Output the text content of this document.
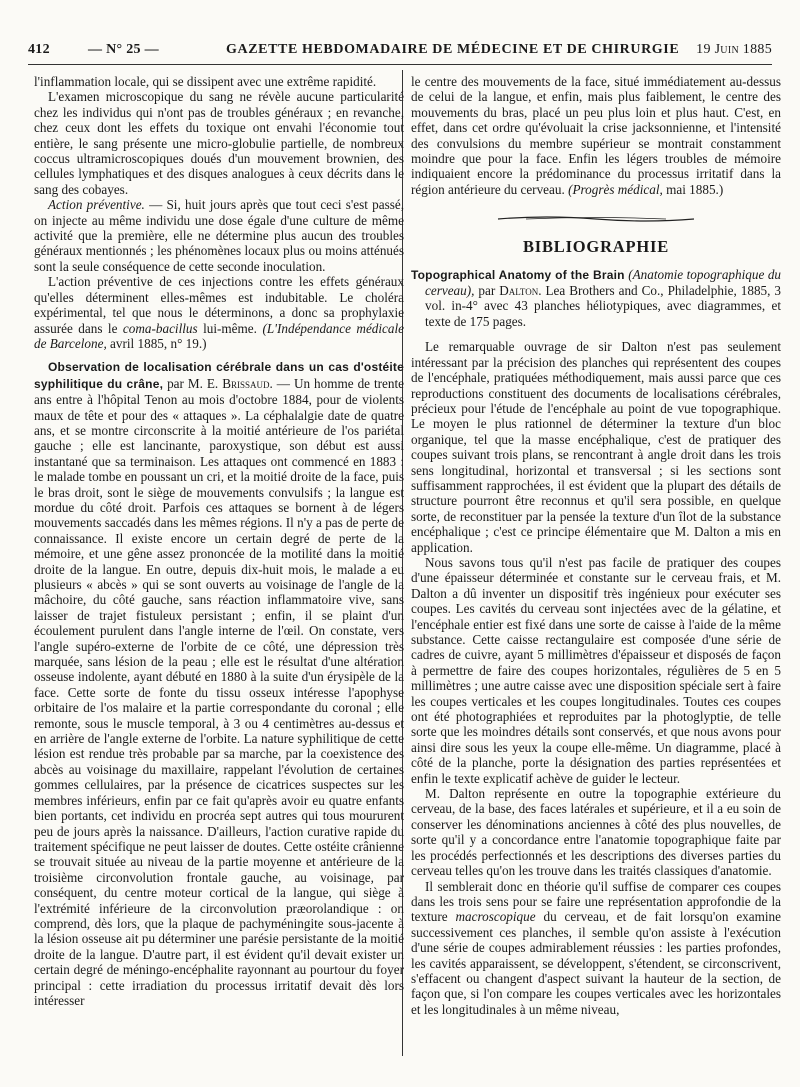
412	— N° 25 —	GAZETTE HEBDOMADAIRE DE MÉDECINE ET DE CHIRURGIE 19 Juin 1885

l'inflammation locale, qui se dissipent avec une extrême rapidité.

L'examen microscopique du sang ne révèle aucune particularité chez les individus qui n'ont pas de troubles généraux ; en revanche, chez ceux dont les effets du toxique ont envahi l'économie tout entière, le sang présente une micro-globulie partielle, de nombreux coccus ultramicroscopiques doués d'un mouvement brownien, des cellules lymphatiques et des disques analogues à ceux décrits dans le sang des cobayes.

Action préventive. — Si, huit jours après que tout ceci s'est passé, on injecte au même individu une dose égale d'une culture de même activité que la première, elle ne détermine plus aucun des troubles généraux mentionnés ; les phénomènes locaux plus ou moins atténués sont la seule conséquence de cette seconde inoculation.

L'action préventive de ces injections contre les effets généraux qu'elles déterminent elles-mêmes est indubitable. Le choléra expérimental, tel que nous le déterminons, a donc sa prophylaxie assurée dans le coma-bacillus lui-même. (L'Indépendance médicale de Barcelone, avril 1885, n° 19.)

Observation de localisation cérébrale dans un cas d'ostéite syphilitique du crâne, par M. E. Brissaud. — Un homme de trente ans entre à l'hôpital Tenon au mois d'octobre 1884, pour de violents maux de tête et pour des « attaques ». La céphalalgie date de quatre ans, et se montre circonscrite à la moitié antérieure de l'os pariétal gauche ; elle est lancinante, paroxystique, son début est aussi instantané que sa terminaison. Les attaques ont commencé en 1883 : le malade tombe en poussant un cri, et la moitié droite de la face, puis le bras droit, sont le siège de mouvements convulsifs ; la langue est mordue du côté droit. Parfois ces attaques se bornent à de légers mouvements saccadés dans les mêmes régions. Il n'y a pas de perte de connaissance. Il existe encore un certain degré de perte de la mémoire, et une gêne assez prononcée de la motilité dans la moitié droite de la langue. En outre, depuis dix-huit mois, le malade a eu plusieurs « abcès » qui se sont ouverts au voisinage de l'angle de la mâchoire, du côté gauche, sans réaction inflammatoire vive, sans laisser de trajet fistuleux persistant ; enfin, il se plaint d'un écoulement purulent dans l'angle interne de l'œil. On constate, vers l'angle supéro-externe de l'orbite de ce côté, une dépression très marquée, sans lésion de la peau ; elle est le résultat d'une altération osseuse indolente, ayant débuté en 1880 à la suite d'un érysipèle de la face. Cette sorte de fonte du tissu osseux intéresse l'apophyse orbitaire de l'os malaire et la partie correspondante du coronal ; elle remonte, sous le muscle temporal, à 3 ou 4 centimètres au-dessus et en arrière de l'angle externe de l'orbite. La nature syphilitique de cette lésion est rendue très probable par sa marche, par la coexistence des abcès au voisinage du maxillaire, rappelant l'évolution de certaines gommes cellulaires, par la présence de cicatrices suspectes sur les membres inférieurs, enfin par ce fait qu'après avoir eu quatre enfants bien portants, cet individu en procréa sept autres qui tous moururent peu de jours après la naissance. D'ailleurs, l'action curative rapide du traitement spécifique ne peut laisser de doutes. Cette ostéite crânienne se trouvait située au niveau de la partie moyenne et antérieure de la troisième circonvolution frontale gauche, au voisinage, par conséquent, du centre moteur cortical de la langue, qui siège à l'extrémité inférieure de la circonvolution præorolandique : on comprend, dès lors, que la plaque de pachyméningite sous-jacente à la lésion osseuse ait pu déterminer une parésie persistante de la moitié droite de la langue. D'autre part, il est évident qu'il devait exister un certain degré de méningo-encéphalite rayonnant au pourtour du foyer principal : cette irradiation du processus irritatif devait dès lors intéresser

le centre des mouvements de la face, situé immédiatement au-dessus de celui de la langue, et enfin, mais plus faiblement, le centre des mouvements du bras, placé un peu plus loin et plus haut. C'est, en effet, dans cet ordre qu'évoluait la crise jacksonnienne, et l'intensité des convulsions du membre supérieur se montrait constamment moindre que pour la face. Enfin les légers troubles de mémoire indiquaient encore la prédominance du processus irritatif dans la région antérieure du cerveau. (Progrès médical, mai 1885.)

BIBLIOGRAPHIE

Topographical Anatomy of the Brain (Anatomie topographique du cerveau), par Dalton. Lea Brothers and Co., Philadelphie, 1885, 3 vol. in-4° avec 43 planches héliotypiques, avec diagrammes, et texte de 175 pages.

Le remarquable ouvrage de sir Dalton n'est pas seulement intéressant par la précision des planches qui représentent des coupes de l'encéphale, pratiquées méthodiquement, mais aussi parce que ces reproductions constituent des documents de localisations cérébrales, précieux pour l'étude de l'encéphale au point de vue topographique. Le moyen le plus rationnel de déterminer la texture d'un bloc organique, tel que la masse encéphalique, c'est de pratiquer des coupes suivant trois plans, se rencontrant à angle droit dans les trois sens longitudinal, horizontal et transversal ; si les sections sont suffisamment rapprochées, il est évident que la plupart des détails de structure pourront être reconnus et qu'il sera possible, en quelque sorte, de reconstituer par la pensée la texture d'un îlot de la substance encéphalique ; c'est ce principe élémentaire que M. Dalton a mis en application.

Nous savons tous qu'il n'est pas facile de pratiquer des coupes d'une épaisseur déterminée et constante sur le cerveau frais, et M. Dalton a dû inventer un dispositif très ingénieux pour exécuter ses coupes. Les cavités du cerveau sont injectées avec de la gélatine, et l'encéphale entier est fixé dans une sorte de caisse à l'aide de la même substance. Cette caisse rectangulaire est composée d'une série de cadres de cuivre, ayant 5 millimètres d'épaisseur et disposés de façon à permettre de faire des coupes horizontales, régulières de 5 en 5 millimètres ; une autre caisse avec une disposition spéciale sert à faire les coupes verticales et les coupes longitudinales. Toutes ces coupes ont été photographiées et reproduites par la photoglyptie, de telle sorte que les moindres détails sont conservés, et que nous avons pour ainsi dire sous les yeux la coupe elle-même. Un diagramme, placé à côté de la planche, porte la désignation des parties représentées et enfin le texte explicatif achève de guider le lecteur.

M. Dalton représente en outre la topographie extérieure du cerveau, de la base, des faces latérales et supérieure, et il a eu soin de conserver les dénominations anciennes à côté des plus nouvelles, de sorte qu'il y a concordance entre l'anatomie topographique faite par les procédés perfectionnés et les descriptions des diverses parties du cerveau telles qu'on les trouve dans les traités classiques d'anatomie.

Il semblerait donc en théorie qu'il suffise de comparer ces coupes dans les trois sens pour se faire une représentation approfondie de la texture macroscopique du cerveau, et de fait lorsqu'on examine successivement ces planches, il semble qu'on assiste à l'exécution d'une série de coupes admirablement réussies : les parties profondes, les cavités apparaissent, se développent, s'étendent, se circonscrivent, s'effacent ou changent d'aspect suivant la hauteur de la section, de façon que, si l'on compare les coupes verticales avec les horizontales et les longitudinales à un même niveau,
